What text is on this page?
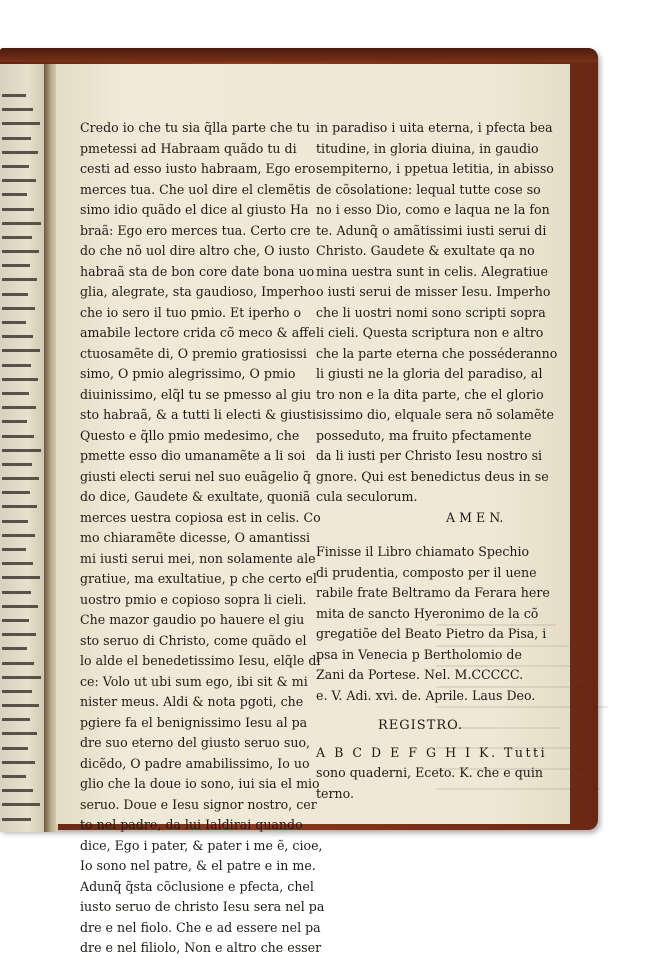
Credo io che tu sia q̃lla parte che tu
pmetessi ad Habraam quãdo tu di
cesti ad esso iusto habraam, Ego ero
merces tua. Che uol dire el clemẽtis
simo idio quãdo el dice al giusto Ha
braã: Ego ero merces tua. Certo cre
do che nõ uol dire altro che, O iusto
habraã sta de bon core date bona uo
glia, alegrate, sta gaudioso, Imperho
che io sero il tuo pmio. Et iperho o
amabile lectore crida cõ meco & affe
ctuosamẽte di, O premio gratiosissi
simo, O pmio alegrissimo, O pmio
diuinissimo, elq̃l tu se pmesso al giu
sto habraã, & a tutti li electi & giusti
Questo e q̃llo pmio medesimo, che
pmette esso dio umanamẽte a li soi
giusti electi serui nel suo euãgelio q̃
do dice, Gaudete & exultate, quoniã
merces uestra copiosa est in celis. Co
mo chiaramẽte dicesse, O amantissi
mi iusti serui mei, non solamente ale
gratiue, ma exultatiue, p che certo el
uostro pmio e copioso sopra li cieli.
Che mazor gaudio po hauere el giu
sto seruo di Christo, come quãdo el
lo alde el benedetissimo Iesu, elq̃le di
ce: Volo ut ubi sum ego, ibi sit & mi
nister meus. Aldi & nota pgoti, che
pgiere fa el benignissimo Iesu al pa
dre suo eterno del giusto seruo suo,
dicẽdo, O padre amabilissimo, Io uo
glio che la doue io sono, iui sia el mio
seruo. Doue e Iesu signor nostro, cer
to nel padre, da lui Ialdirai quando
dice, Ego i pater, & pater i me ẽ, cioe,
Io sono nel patre, & el patre e in me.
Adunq̃ q̃sta cõclusione e pfecta, chel
iusto seruo de christo Iesu sera nel pa
dre e nel fiolo. Che e ad essere nel pa
dre e nel filiolo, Non e altro che esser
in paradiso i uita eterna, i pfecta bea
titudine, in gloria diuina, in gaudio
sempiterno, i ppetua letitia, in abisso
de cõsolatione: lequal tutte cose so
no i esso Dio, como e laqua ne la fon
te. Adunq̃ o amãtissimi iusti serui di
Christo. Gaudete & exultate qa no
mina uestra sunt in celis. Alegratiue
o iusti serui de misser Iesu. Imperho
che li uostri nomi sono scripti sopra
li cieli. Questa scriptura non e altro
che la parte eterna che posséderanno
li giusti ne la gloria del paradiso, al
tro non e la dita parte, che el glorio
sissimo dio, elquale sera nõ solamẽte
posseduto, ma fruito pfectamente
da li iusti per Christo Iesu nostro si
gnore. Qui est benedictus deus in se
cula seculorum.
A M E N.
Finisse il Libro chiamato Spechio
di prudentia, composto per il uene
rabile frate Beltramo da Ferara here
mita de sancto Hyeronimo de la cõ
gregatiõe del Beato Pietro da Pisa, i
psa in Venecia p Bertholomio de
Zani da Portese. Nel. M.CCCCC.
e. V. Adi. xvi. de. Aprile. Laus Deo.
REGISTRO.
A B C D E F G H I K. Tutti
sono quaderni, Eceto. K. che e quin
terno.
